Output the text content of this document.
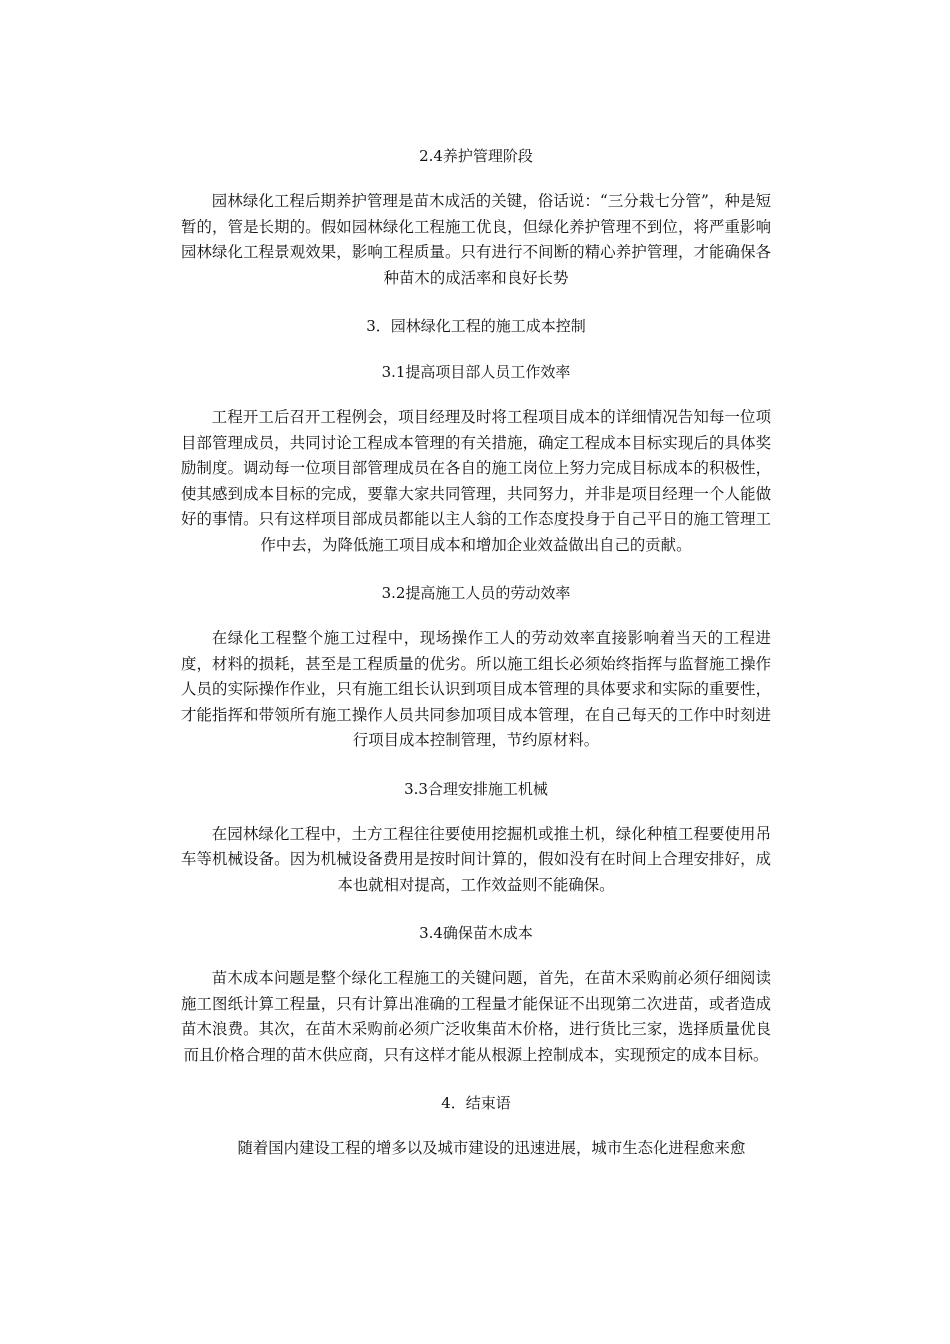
2.4养护管理阶段

园林绿化工程后期养护管理是苗木成活的关键，俗话说：“三分栽七分管”，种是短暂的，管是长期的。假如园林绿化工程施工优良，但绿化养护管理不到位，将严重影响园林绿化工程景观效果，影响工程质量。只有进行不间断的精心养护管理，才能确保各种苗木的成活率和良好长势

3．园林绿化工程的施工成本控制
3.1提高项目部人员工作效率

工程开工后召开工程例会，项目经理及时将工程项目成本的详细情况告知每一位项目部管理成员，共同讨论工程成本管理的有关措施，确定工程成本目标实现后的具体奖励制度。调动每一位项目部管理成员在各自的施工岗位上努力完成目标成本的积极性，使其感到成本目标的完成，要靠大家共同管理，共同努力，并非是项目经理一个人能做好的事情。只有这样项目部成员都能以主人翁的工作态度投身于自己平日的施工管理工作中去，为降低施工项目成本和增加企业效益做出自己的贡献。

3.2提高施工人员的劳动效率

在绿化工程整个施工过程中，现场操作工人的劳动效率直接影响着当天的工程进度，材料的损耗，甚至是工程质量的优劣。所以施工组长必须始终指挥与监督施工操作人员的实际操作作业，只有施工组长认识到项目成本管理的具体要求和实际的重要性，才能指挥和带领所有施工操作人员共同参加项目成本管理，在自己每天的工作中时刻进行项目成本控制管理，节约原材料。

3.3合理安排施工机械

在园林绿化工程中，土方工程往往要使用挖掘机或推土机，绿化种植工程要使用吊车等机械设备。因为机械设备费用是按时间计算的，假如没有在时间上合理安排好，成本也就相对提高，工作效益则不能确保。

3.4确保苗木成本

苗木成本问题是整个绿化工程施工的关键问题，首先，在苗木采购前必须仔细阅读施工图纸计算工程量，只有计算出准确的工程量才能保证不出现第二次进苗，或者造成苗木浪费。其次，在苗木采购前必须广泛收集苗木价格，进行货比三家，选择质量优良而且价格合理的苗木供应商，只有这样才能从根源上控制成本，实现预定的成本目标。

4．结束语

随着国内建设工程的增多以及城市建设的迅速进展，城市生态化进程愈来愈
